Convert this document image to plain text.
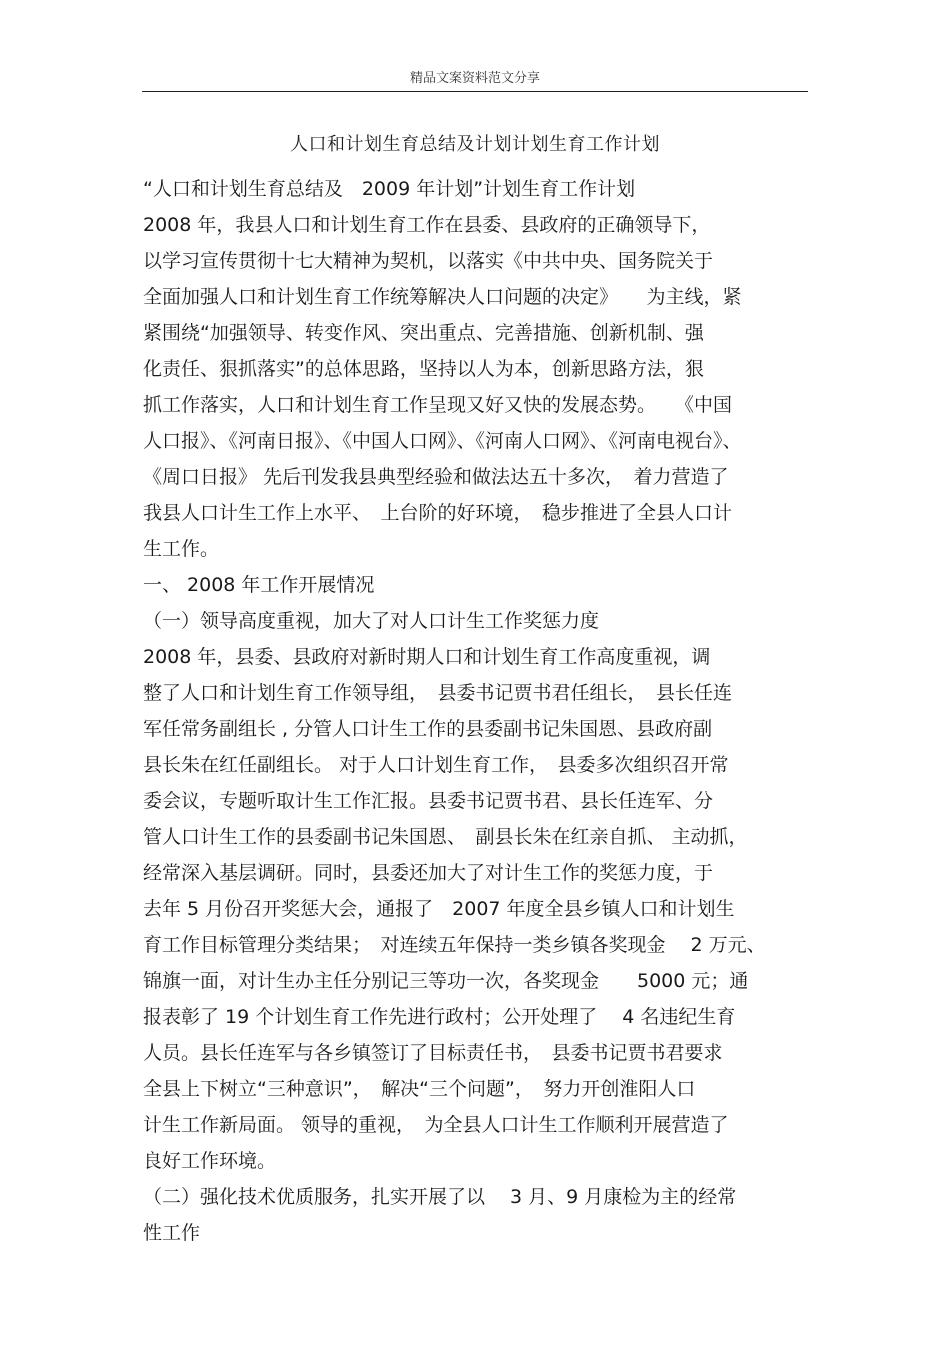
精品文案资料范文分享
人口和计划生育总结及计划计划生育工作计划
“人口和计划生育总结及　2009 年计划”计划生育工作计划
2008 年，我县人口和计划生育工作在县委、县政府的正确领导下，
以学习宣传贯彻十七大精神为契机，以落实《中共中央、国务院关于
全面加强人口和计划生育工作统筹解决人口问题的决定》　　为主线，紧
紧围绕“加强领导、转变作风、突出重点、完善措施、创新机制、强
化责任、狠抓落实”的总体思路，坚持以人为本，创新思路方法，狠
抓工作落实，人口和计划生育工作呈现又好又快的发展态势。　　《中国
人口报》、《河南日报》、《中国人口网》、《河南人口网》、《河南电视台》、
《周口日报》 先后刊发我县典型经验和做法达五十多次，　着力营造了
我县人口计生工作上水平、　上台阶的好环境，　稳步推进了全县人口计
生工作。
一、 2008 年工作开展情况
（一）领导高度重视，加大了对人口计生工作奖惩力度
2008 年，县委、县政府对新时期人口和计划生育工作高度重视，调
整了人口和计划生育工作领导组，　县委书记贾书君任组长，　县长任连
军任常务副组长 , 分管人口计生工作的县委副书记朱国恩、县政府副
县长朱在红任副组长。 对于人口计划生育工作，　县委多次组织召开常
委会议，专题听取计生工作汇报。县委书记贾书君、县长任连军、分
管人口计生工作的县委副书记朱国恩、　副县长朱在红亲自抓、 主动抓，
经常深入基层调研。同时，县委还加大了对计生工作的奖惩力度，于
去年 5 月份召开奖惩大会，通报了　2007 年度全县乡镇人口和计划生
育工作目标管理分类结果；　对连续五年保持一类乡镇各奖现金　 2 万元、
锦旗一面，对计生办主任分别记三等功一次，各奖现金　　5000 元；通
报表彰了 19 个计划生育工作先进行政村；公开处理了　 4 名违纪生育
人员。县长任连军与各乡镇签订了目标责任书，　县委书记贾书君要求
全县上下树立“三种意识”，　解决“三个问题”，　努力开创淮阳人口
计生工作新局面。 领导的重视，　为全县人口计生工作顺利开展营造了
良好工作环境。
（二）强化技术优质服务，扎实开展了以　 3 月、9 月康检为主的经常
性工作
